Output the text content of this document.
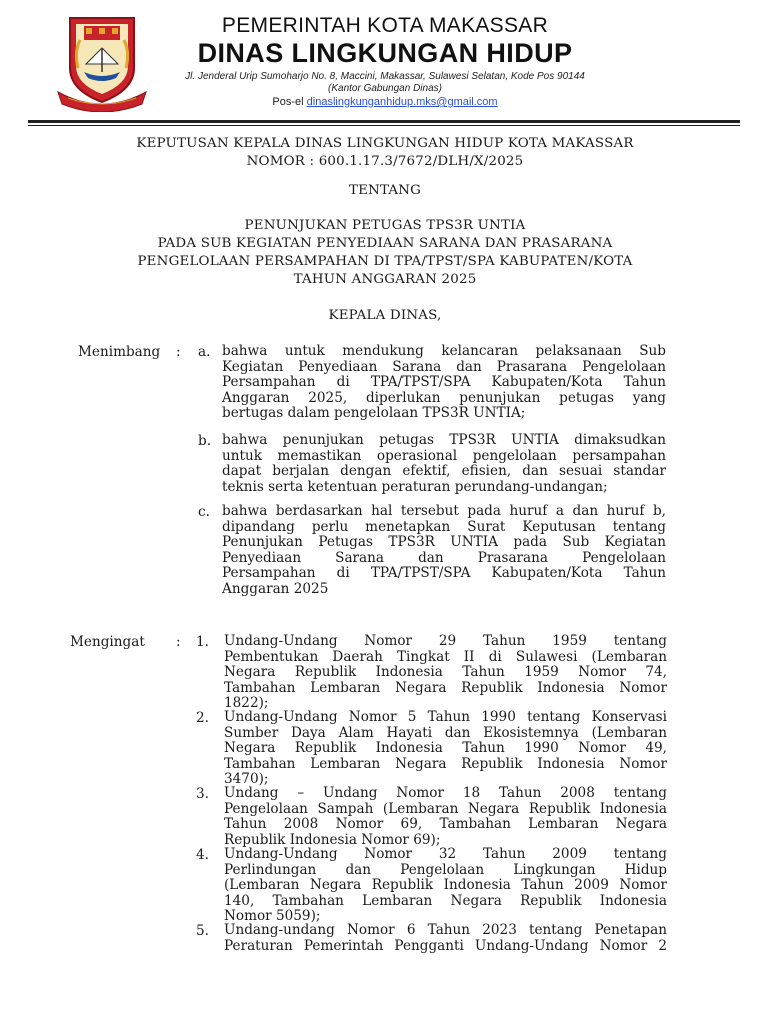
PEMERINTAH KOTA MAKASSAR
DINAS LINGKUNGAN HIDUP
Jl. Jenderal Urip Sumoharjo No. 8, Maccini, Makassar, Sulawesi Selatan, Kode Pos 90144
(Kantor Gabungan Dinas)
Pos-el dinaslingkunganhidup.mks@gmail.com
KEPUTUSAN KEPALA DINAS LINGKUNGAN HIDUP KOTA MAKASSAR
NOMOR : 600.1.17.3/7672/DLH/X/2025
TENTANG
PENUNJUKAN PETUGAS TPS3R UNTIA
PADA SUB KEGIATAN PENYEDIAAN SARANA DAN PRASARANA
PENGELOLAAN PERSAMPAHAN DI TPA/TPST/SPA KABUPATEN/KOTA
TAHUN ANGGARAN 2025
KEPALA DINAS,
Menimbang : a. bahwa untuk mendukung kelancaran pelaksanaan Sub
Kegiatan Penyediaan Sarana dan Prasarana Pengelolaan
Persampahan di TPA/TPST/SPA Kabupaten/Kota Tahun
Anggaran 2025, diperlukan penunjukan petugas yang
bertugas dalam pengelolaan TPS3R UNTIA;
b. bahwa penunjukan petugas TPS3R UNTIA dimaksudkan
untuk memastikan operasional pengelolaan persampahan
dapat berjalan dengan efektif, efisien, dan sesuai standar
teknis serta ketentuan peraturan perundang-undangan;
c. bahwa berdasarkan hal tersebut pada huruf a dan huruf b,
dipandang perlu menetapkan Surat Keputusan tentang
Penunjukan Petugas TPS3R UNTIA pada Sub Kegiatan
Penyediaan Sarana dan Prasarana Pengelolaan
Persampahan di TPA/TPST/SPA Kabupaten/Kota Tahun
Anggaran 2025
Mengingat : 1. Undang-Undang Nomor 29 Tahun 1959 tentang
Pembentukan Daerah Tingkat II di Sulawesi (Lembaran
Negara Republik Indonesia Tahun 1959 Nomor 74,
Tambahan Lembaran Negara Republik Indonesia Nomor
1822);
2. Undang-Undang Nomor 5 Tahun 1990 tentang Konservasi
Sumber Daya Alam Hayati dan Ekosistemnya (Lembaran
Negara Republik Indonesia Tahun 1990 Nomor 49,
Tambahan Lembaran Negara Republik Indonesia Nomor
3470);
3. Undang – Undang Nomor 18 Tahun 2008 tentang
Pengelolaan Sampah (Lembaran Negara Republik Indonesia
Tahun 2008 Nomor 69, Tambahan Lembaran Negara
Republik Indonesia Nomor 69);
4. Undang-Undang Nomor 32 Tahun 2009 tentang
Perlindungan dan Pengelolaan Lingkungan Hidup
(Lembaran Negara Republik Indonesia Tahun 2009 Nomor
140, Tambahan Lembaran Negara Republik Indonesia
Nomor 5059);
5. Undang-undang Nomor 6 Tahun 2023 tentang Penetapan
Peraturan Pemerintah Pengganti Undang-Undang Nomor 2
